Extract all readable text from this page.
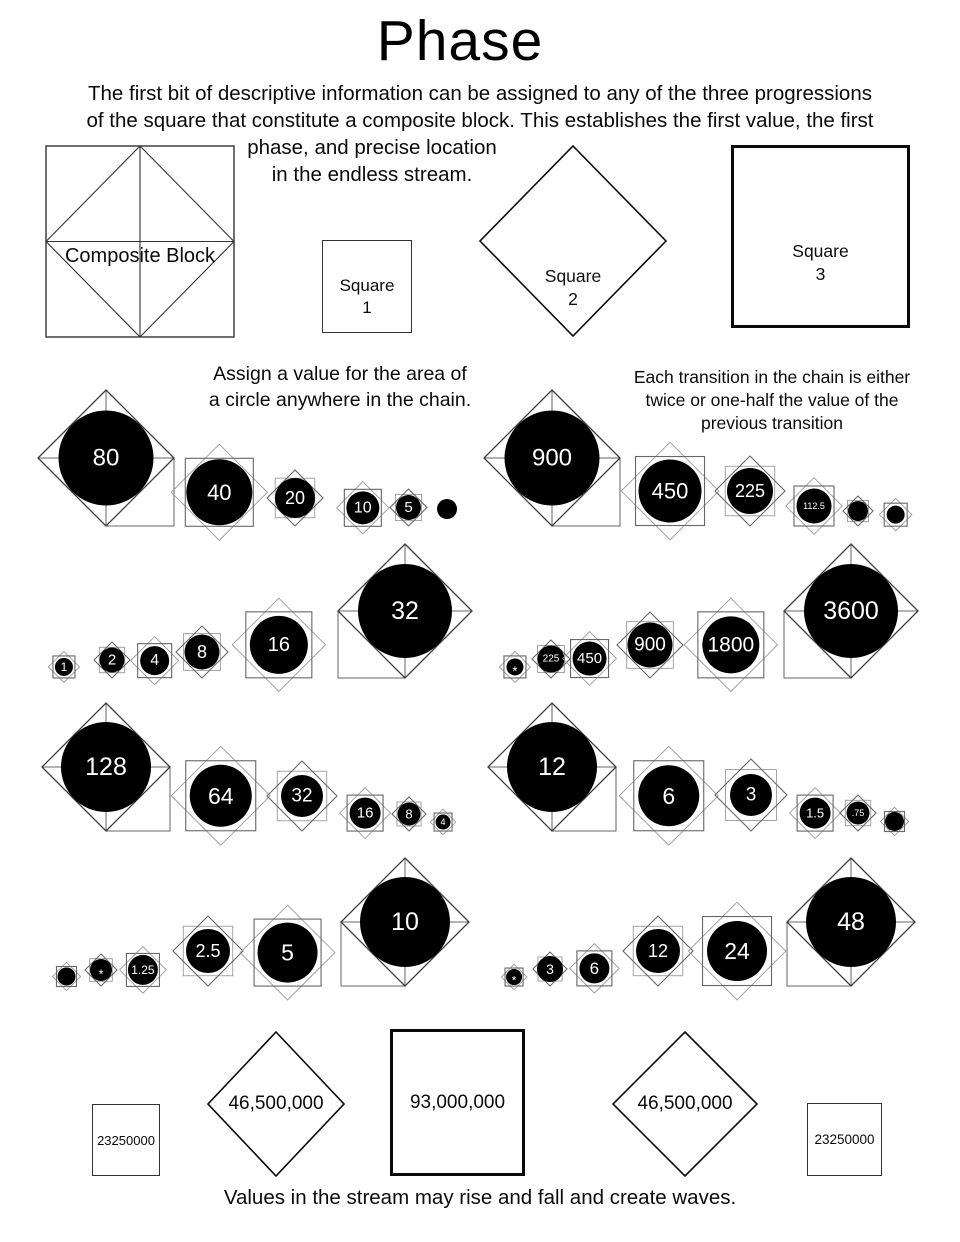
Phase
The first bit of descriptive information can be assigned to any of the three progressions
of the square that constitute a composite block. This establishes the first value, the first
phase, and precise location
in the endless stream.
Composite Block
Square
1
Square
2
Square
3
Assign a value for the area of
a circle anywhere in the chain.
Each transition in the chain is either
twice or one-half the value of the
previous transition
80
40	20	10 5
900
450	225
112.5
1	2 4 8	16
32
*
225 450
900 1800
3600
128
64	32
16 8
4
12
6	3
1.5	.75
* 1.25
2.5	5
10
*
3 6
12 24
48
23250000
46,500,000	93,000,000	46,500,000
23250000
Values in the stream may rise and fall and create waves.
